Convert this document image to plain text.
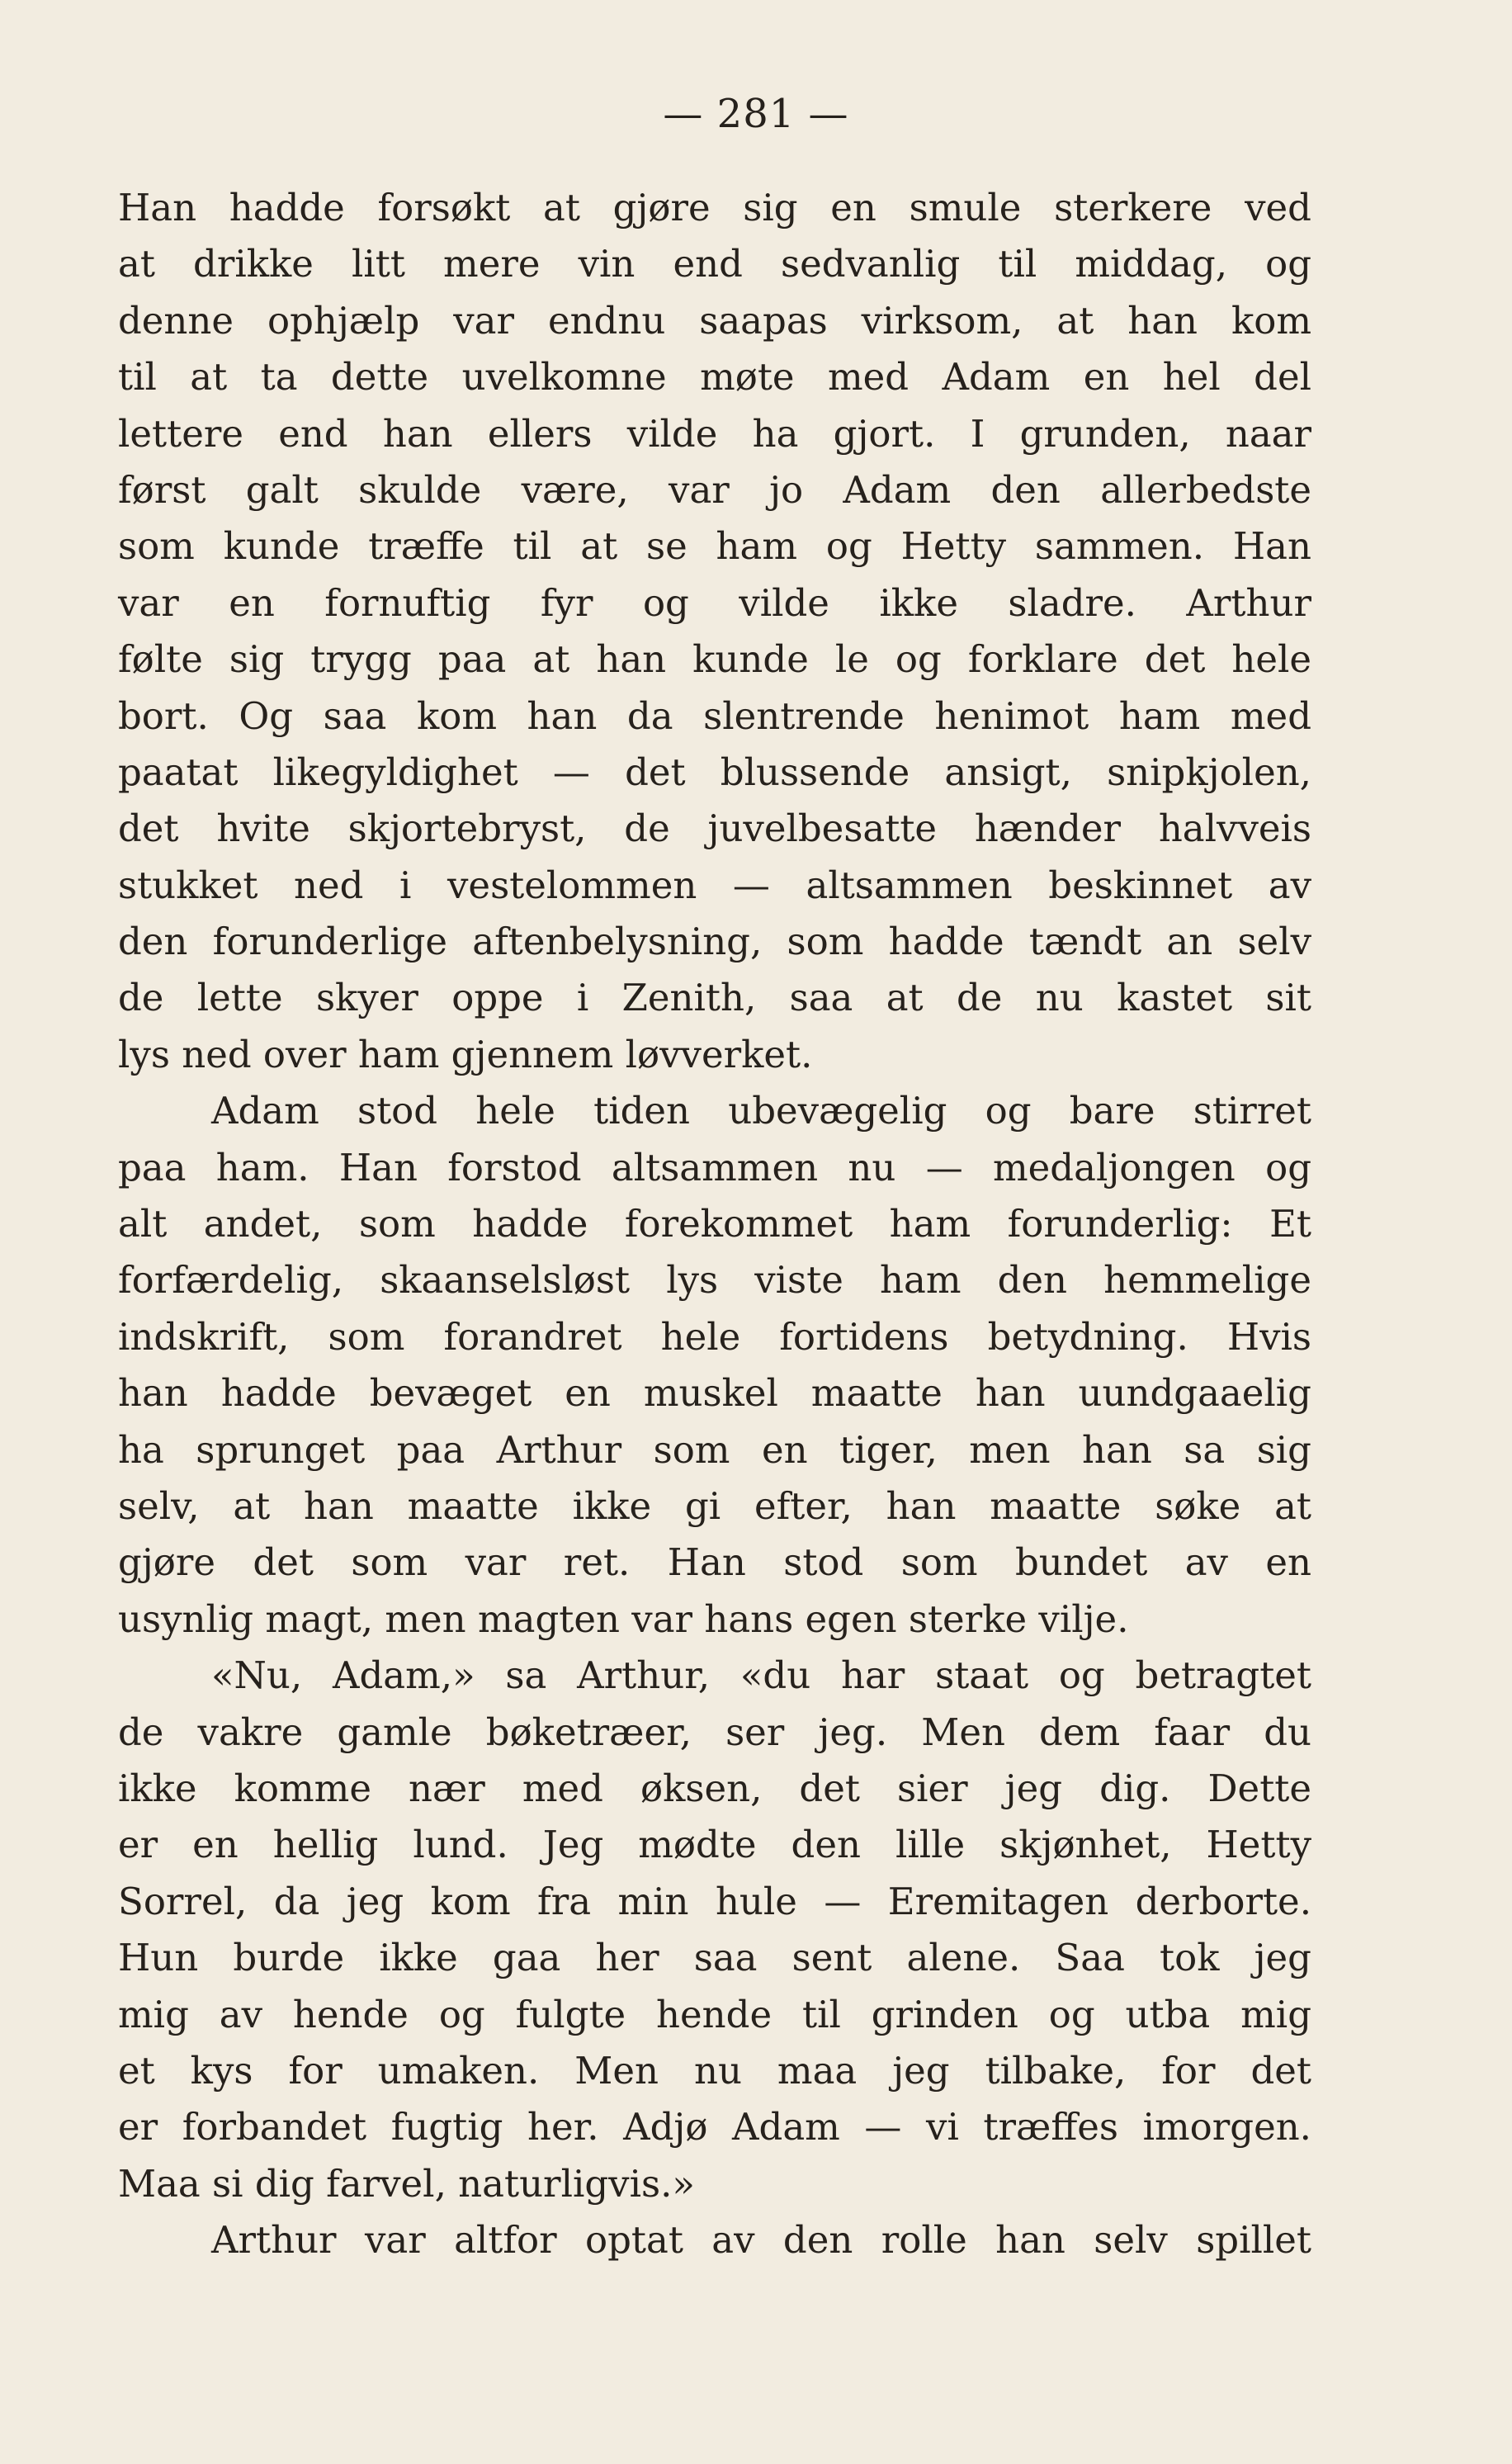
— 281 —
Han hadde forsøkt at gjøre sig en smule sterkere ved
at drikke litt mere vin end sedvanlig til middag, og
denne ophjælp var endnu saapas virksom, at han kom
til at ta dette uvelkomne møte med Adam en hel del
lettere end han ellers vilde ha gjort. I grunden, naar
først galt skulde være, var jo Adam den allerbedste
som kunde træffe til at se ham og Hetty sammen. Han
var en fornuftig fyr og vilde ikke sladre. Arthur
følte sig trygg paa at han kunde le og forklare det hele
bort. Og saa kom han da slentrende henimot ham med
paatat likegyldighet — det blussende ansigt, snipkjolen,
det hvite skjortebryst, de juvelbesatte hænder halvveis
stukket ned i vestelommen — altsammen beskinnet av
den forunderlige aftenbelysning, som hadde tændt an selv
de lette skyer oppe i Zenith, saa at de nu kastet sit
lys ned over ham gjennem løvverket.
Adam stod hele tiden ubevægelig og bare stirret
paa ham. Han forstod altsammen nu — medaljongen og
alt andet, som hadde forekommet ham forunderlig: Et
forfærdelig, skaanselsløst lys viste ham den hemmelige
indskrift, som forandret hele fortidens betydning. Hvis
han hadde bevæget en muskel maatte han uundgaaelig
ha sprunget paa Arthur som en tiger, men han sa sig
selv, at han maatte ikke gi efter, han maatte søke at
gjøre det som var ret. Han stod som bundet av en
usynlig magt, men magten var hans egen sterke vilje.
«Nu, Adam,» sa Arthur, «du har staat og betragtet
de vakre gamle bøketræer, ser jeg. Men dem faar du
ikke komme nær med øksen, det sier jeg dig. Dette
er en hellig lund. Jeg mødte den lille skjønhet, Hetty
Sorrel, da jeg kom fra min hule — Eremitagen derborte.
Hun burde ikke gaa her saa sent alene. Saa tok jeg
mig av hende og fulgte hende til grinden og utba mig
et kys for umaken. Men nu maa jeg tilbake, for det
er forbandet fugtig her. Adjø Adam — vi træffes imorgen.
Maa si dig farvel, naturligvis.»
Arthur var altfor optat av den rolle han selv spillet
